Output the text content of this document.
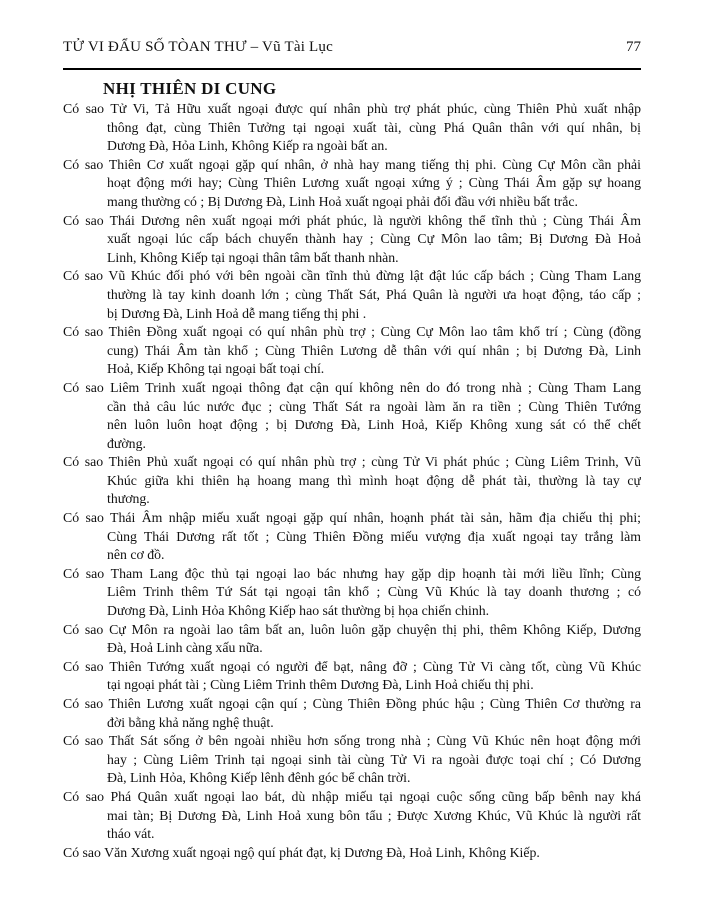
TỬ VI ĐẨU SỐ TÒAN THƯ – Vũ Tài Lục	77
NHỊ THIÊN DI CUNG
Có sao Tử Vi, Tả Hữu xuất ngoại được quí nhân phù trợ phát phúc, cùng Thiên Phủ xuất nhập
thông đạt, cùng Thiên Tưởng tại ngoại xuất tài, cùng Phá Quân thân với quí nhân, bị
Dương Đà, Hỏa Linh, Không Kiếp ra ngoài bất an.
Có sao Thiên Cơ xuất ngoại gặp quí nhân, ở nhà hay mang tiếng thị phi. Cùng Cự Môn cần phải
hoạt động mới hay; Cùng Thiên Lương xuất ngoại xứng ý ; Cùng Thái Âm gặp sự hoang
mang thường có ; Bị Dương Đà, Linh Hoả xuất ngoại phải đối đầu với nhiều bất trắc.
Có sao Thái Dương nên xuất ngoại mới phát phúc, là người không thể tĩnh thủ ; Cùng Thái Âm
xuất ngoại lúc cấp bách chuyển thành hay ; Cùng Cự Môn lao tâm; Bị Dương Đà Hoả
Linh, Không Kiếp tại ngoại thân tâm bất thanh nhàn.
Có sao Vũ Khúc đối phó với bên ngoài cần tĩnh thủ đừng lật đật lúc cấp bách ; Cùng Tham Lang
thường là tay kinh doanh lớn ; cùng Thất Sát, Phá Quân là người ưa hoạt động, táo cấp ;
bị Dương Đà, Linh Hoả dễ mang tiếng thị phi .
Có sao Thiên Đồng xuất ngoại có quí nhân phù trợ ; Cùng Cự Môn lao tâm khổ trí ; Cùng (đồng
cung) Thái Âm tàn khổ ; Cùng Thiên Lương dễ thân với quí nhân ; bị Dương Đà, Linh
Hoả, Kiếp Không tại ngoại bất toại chí.
Có sao Liêm Trinh xuất ngoại thông đạt cận quí không nên do đó trong nhà ; Cùng Tham Lang
cần thả câu lúc nước đục ; cùng Thất Sát ra ngoài làm ăn ra tiền ; Cùng Thiên Tướng
nên luôn luôn hoạt động ; bị Dương Đà, Linh Hoả, Kiếp Không xung sát có thể chết
đường.
Có sao Thiên Phủ xuất ngoại có quí nhân phù trợ ; cùng Tử Vi phát phúc ; Cùng Liêm Trinh, Vũ
Khúc giữa khi thiên hạ hoang mang thì mình hoạt động dễ phát tài, thường là tay cự
thương.
Có sao Thái Âm nhập miếu xuất ngoại gặp quí nhân, hoạnh phát tài sản, hãm địa chiếu thị phi;
Cùng Thái Dương rất tốt ; Cùng Thiên Đồng miếu vượng địa xuất ngoại tay trắng làm
nên cơ đồ.
Có sao Tham Lang độc thủ tại ngoại lao bác nhưng hay gặp dịp hoạnh tài mới liều lĩnh; Cùng
Liêm Trinh thêm Tứ Sát tại ngoại tân khổ ; Cùng Vũ Khúc là tay doanh thương ; có
Dương Đà, Linh Hỏa Không Kiếp hao sát thường bị họa chiến chinh.
Có sao Cự Môn ra ngoài lao tâm bất an, luôn luôn gặp chuyện thị phi, thêm Không Kiếp, Dương
Đà, Hoả Linh càng xấu nữa.
Có sao Thiên Tướng xuất ngoại có người để bạt, nâng đỡ ; Cùng Tử Vi càng tốt, cùng Vũ Khúc
tại ngoại phát tài ; Cùng Liêm Trinh thêm Dương Đà, Linh Hoả chiếu thị phi.
Có sao Thiên Lương xuất ngoại cận quí ; Cùng Thiên Đồng phúc hậu ; Cùng Thiên Cơ thường ra
đời bằng khả năng nghệ thuật.
Có sao Thất Sát sống ở bên ngoài nhiều hơn sống trong nhà ; Cùng Vũ Khúc nên hoạt động mới
hay ; Cùng Liêm Trinh tại ngoại sinh tài cùng Tử Vi ra ngoài được toại chí ; Có Dương
Đà, Linh Hỏa, Không Kiếp lênh đênh góc bể chân trời.
Có sao Phá Quân xuất ngoại lao bát, dù nhập miếu tại ngoại cuộc sống cũng bấp bênh nay khá
mai tàn; Bị Dương Đà, Linh Hoả xung bôn tẩu ; Được Xương Khúc, Vũ Khúc là người rất
tháo vát.
Có sao Văn Xương xuất ngoại ngộ quí phát đạt, kị Dương Đà, Hoả Linh, Không Kiếp.
